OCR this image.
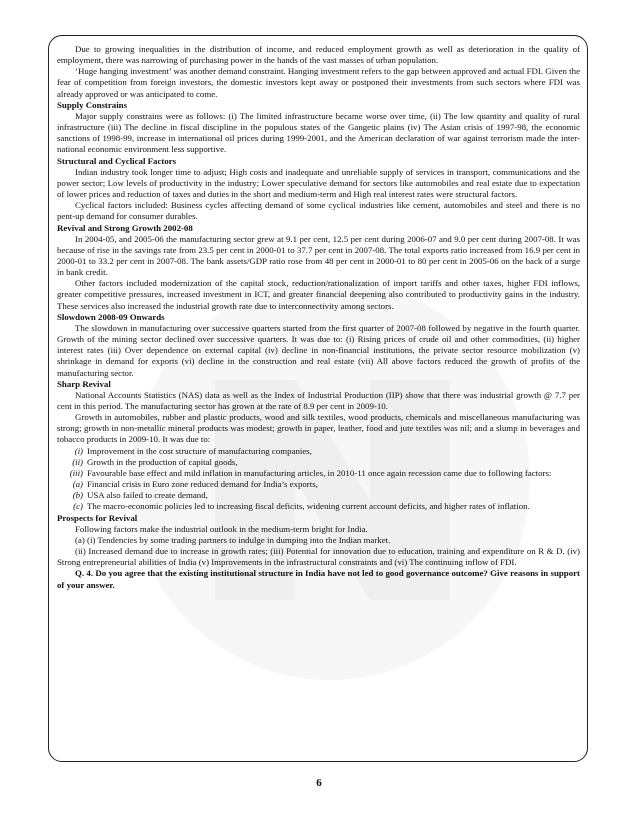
Due to growing inequalities in the distribution of income, and reduced employment growth as well as deterioration in the quality of employment, there was narrowing of purchasing power in the hands of the vast masses of urban population.

‘Huge hanging investment’ was another demand constraint. Hanging investment refers to the gap between approved and actual FDI. Given the fear of competition from foreign investors, the domestic investors kept away or postponed their investments from such sectors where FDI was already approved or was anticipated to come.

Supply Constrains

Major supply constrains were as follows: (i) The limited infrastructure became worse over time, (ii) The low quantity and quality of rural infrastructure (iii) The decline in fiscal discipline in the populous states of the Gangetic plains (iv) The Asian crisis of 1997-98, the economic sanctions of 1998-99, increase in international oil prices during 1999-2001, and the American declaration of war against terrorism made the inter-national economic environment less supportive.

Structural and Cyclical Factors

Indian industry took longer time to adjust; High costs and inadequate and unreliable supply of services in transport, communications and the power sector; Low levels of productivity in the industry; Lower speculative demand for sectors like automobiles and real estate due to expectation of lower prices and reduction of taxes and duties in the short and medium-term and High real interest rates were structural factors.

Cyclical factors included: Business cycles affecting demand of some cyclical industries like cement, automobiles and steel and there is no pent-up demand for consumer durables.

Revival and Strong Growth 2002-08

In 2004-05, and 2005-06 the manufacturing sector grew at 9.1 per cent, 12.5 per cent during 2006-07 and 9.0 per cent during 2007-08. It was because of rise in the savings rate from 23.5 per cent in 2000-01 to 37.7 per cent in 2007-08. The total exports ratio increased from 16.9 per cent in 2000-01 to 33.2 per cent in 2007-08. The bank assets/GDP ratio rose from 48 per cent in 2000-01 to 80 per cent in 2005-06 on the back of a surge in bank credit.

Other factors included modernization of the capital stock, reduction/rationalization of import tariffs and other taxes, higher FDI inflows, greater competitive pressures, increased investment in ICT, and greater financial deepening also contributed to productivity gains in the industry. These services also increased the industrial growth rate due to interconnectivity among sectors.

Slowdown 2008-09 Onwards

The slowdown in manufacturing over successive quarters started from the first quarter of 2007-08 followed by negative in the fourth quarter. Growth of the mining sector declined over successive quarters. It was due to: (i) Rising prices of crude oil and other commodities, (ii) higher interest rates (iii) Over dependence on external capital (iv) decline in non-financial institutions, the private sector resource mobilization (v) shrinkage in demand for exports (vi) decline in the construction and real estate (vii) All above factors reduced the growth of profits of the manufacturing sector.

Sharp Revival

National Accounts Statistics (NAS) data as well as the Index of Industrial Production (IIP) show that there was industrial growth @ 7.7 per cent in this period. The manufacturing sector has grown at the rate of 8.9 per cent in 2009-10.

Growth in automobiles, rubber and plastic products, wood and silk textiles, wood products, chemicals and miscellaneous manufacturing was strong; growth in non-metallic mineral products was modest; growth in paper, leather, food and jute textiles was nil; and a slump in beverages and tobacco products in 2009-10. It was due to:

(i) Improvement in the cost structure of manufacturing companies,
(ii) Growth in the production of capital goods,
(iii) Favourable base effect and mild inflation in manufacturing articles, in 2010-11 once again recession came due to following factors:
(a) Financial crisis in Euro zone reduced demand for India’s exports,
(b) USA also failed to create demand,
(c) The macro-economic policies led to increasing fiscal deficits, widening current account deficits, and higher rates of inflation.

Prospects for Revival

Following factors make the industrial outlook in the medium-term bright for India.

(a) (i) Tendencies by some trading partners to indulge in dumping into the Indian market.

(ii) Increased demand due to increase in growth rates; (iii) Potential for innovation due to education, training and expenditure on R & D. (iv) Strong entrepreneurial abilities of India (v) Improvements in the infrastructural constraints and (vi) The continuing inflow of FDI.

Q. 4. Do you agree that the existing institutional structure in India have not led to good governance outcome? Give reasons in support of your answer.

6
